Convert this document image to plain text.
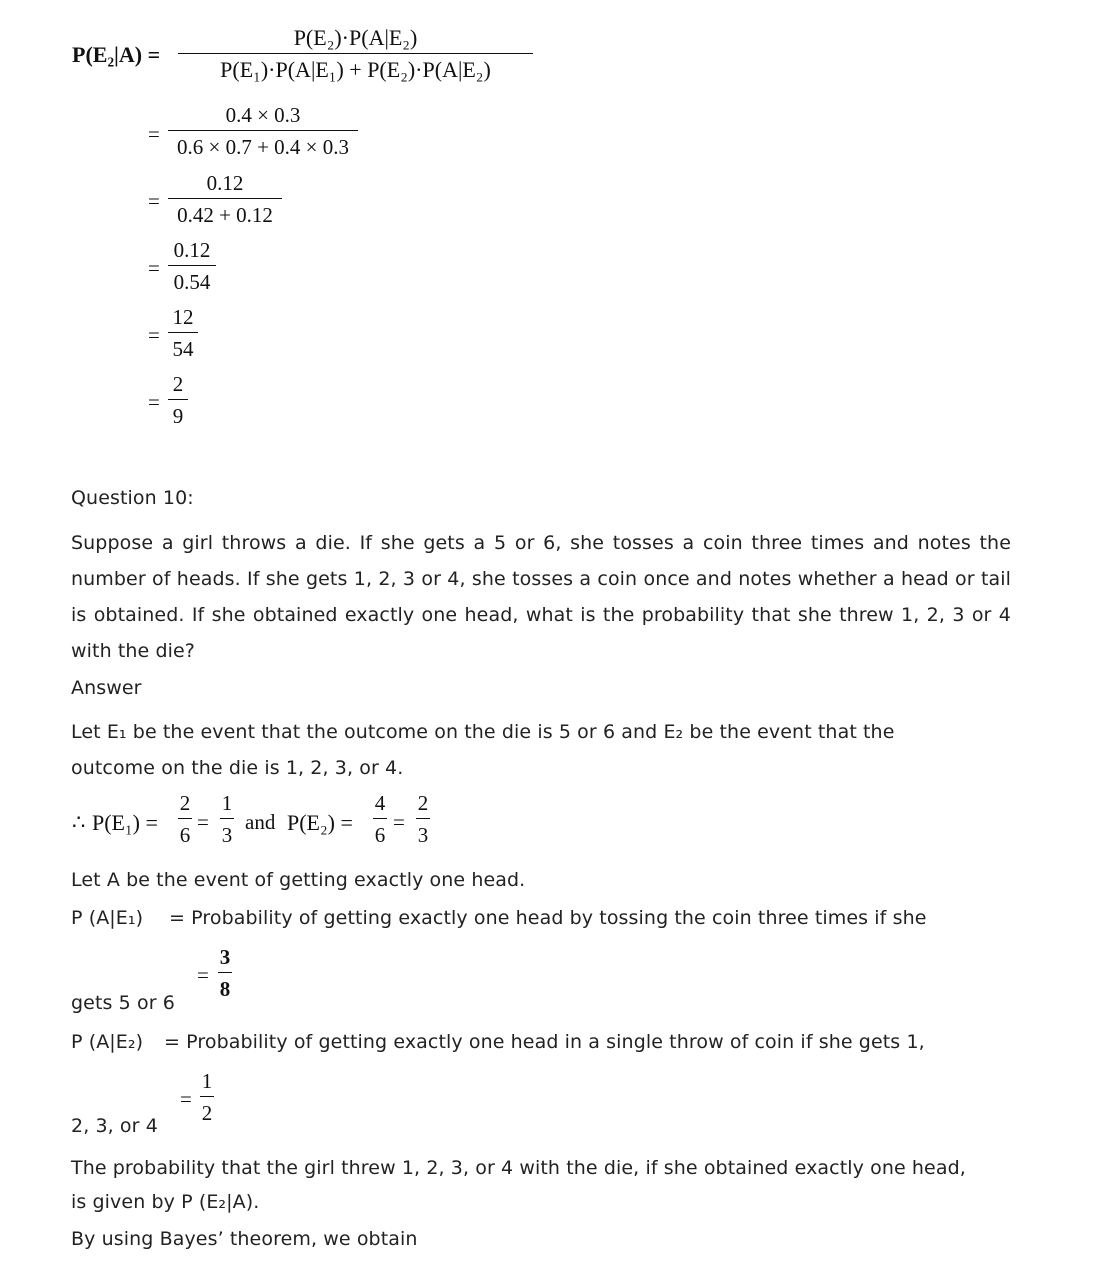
P(E₂|A) =
P(E₂)·P(A|E₂)
P(E₁)·P(A|E₁) + P(E₂)·P(A|E₂)
=
0.4 × 0.3
0.6 × 0.7 + 0.4 × 0.3
=
0.12
0.42 + 0.12
=
0.12
0.54
=
12
54
=
2
9
Question 10:
Suppose a girl throws a die. If she gets a 5 or 6, she tosses a coin three times and notes the number of heads. If she gets 1, 2, 3 or 4, she tosses a coin once and notes whether a head or tail is obtained. If she obtained exactly one head, what is the probability that she threw 1, 2, 3 or 4 with the die?
Answer
Let E₁ be the event that the outcome on the die is 5 or 6 and E₂ be the event that the outcome on the die is 1, 2, 3, or 4.
∴ P(E₁) =
2
6
=
1
3
and P(E₂) =
4
6
=
2
3
Let A be the event of getting exactly one head.
P (A|E₁) = Probability of getting exactly one head by tossing the coin three times if she
=
3
8
gets 5 or 6
P (A|E₂) = Probability of getting exactly one head in a single throw of coin if she gets 1,
=
1
2
2, 3, or 4
The probability that the girl threw 1, 2, 3, or 4 with the die, if she obtained exactly one head, is given by P (E₂|A).
By using Bayes’ theorem, we obtain
